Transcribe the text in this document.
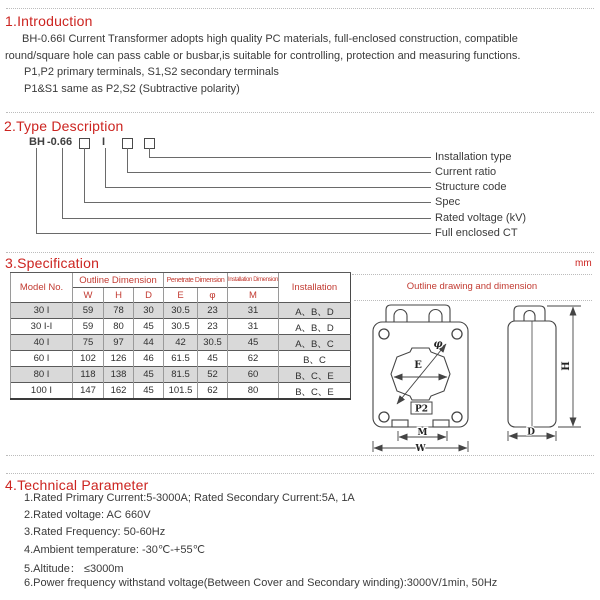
1.Introduction
BH-0.66I Current Transformer adopts high quality PC materials, full-enclosed construction, compatible
round/square hole can pass cable or busbar,is suitable for controlling, protection and measuring functions.
P1,P2 primary terminals, S1,S2 secondary terminals
P1&S1 same as P2,S2 (Subtractive polarity)
2.Type Description
BH -0.66	I
Installation type
Current ratio
Structure code
Spec
Rated voltage (kV)
Full enclosed CT
3.Specification	mm
Model No.	Outline Dimension			Penetrate Dimension		Installation Dimension	Installation
	W	H	D	E	φ	M	
30 I	59	78	30	30.5	23	31	A、B、D
30 I-I	59	80	45	30.5	23	31	A、B、D
40 I	75	97	44	42	30.5	45	A、B、C
60 I	102	126	46	61.5	45	62	B、C
80 I	118	138	45	81.5	52	60	B、C、E
100 I	147	162	45	101.5	62	80	B、C、E
Outline drawing and dimension
E
φ
P2
M
W
H
D
4.Technical Parameter
1.Rated Primary Current:5-3000A; Rated Secondary Current:5A, 1A
2.Rated voltage: AC 660V
3.Rated Frequency: 50-60Hz
4.Ambient temperature: -30℃-+55℃
5.Altitude： ≤3000m
6.Power frequency withstand voltage(Between Cover and Secondary winding):3000V/1min, 50Hz
